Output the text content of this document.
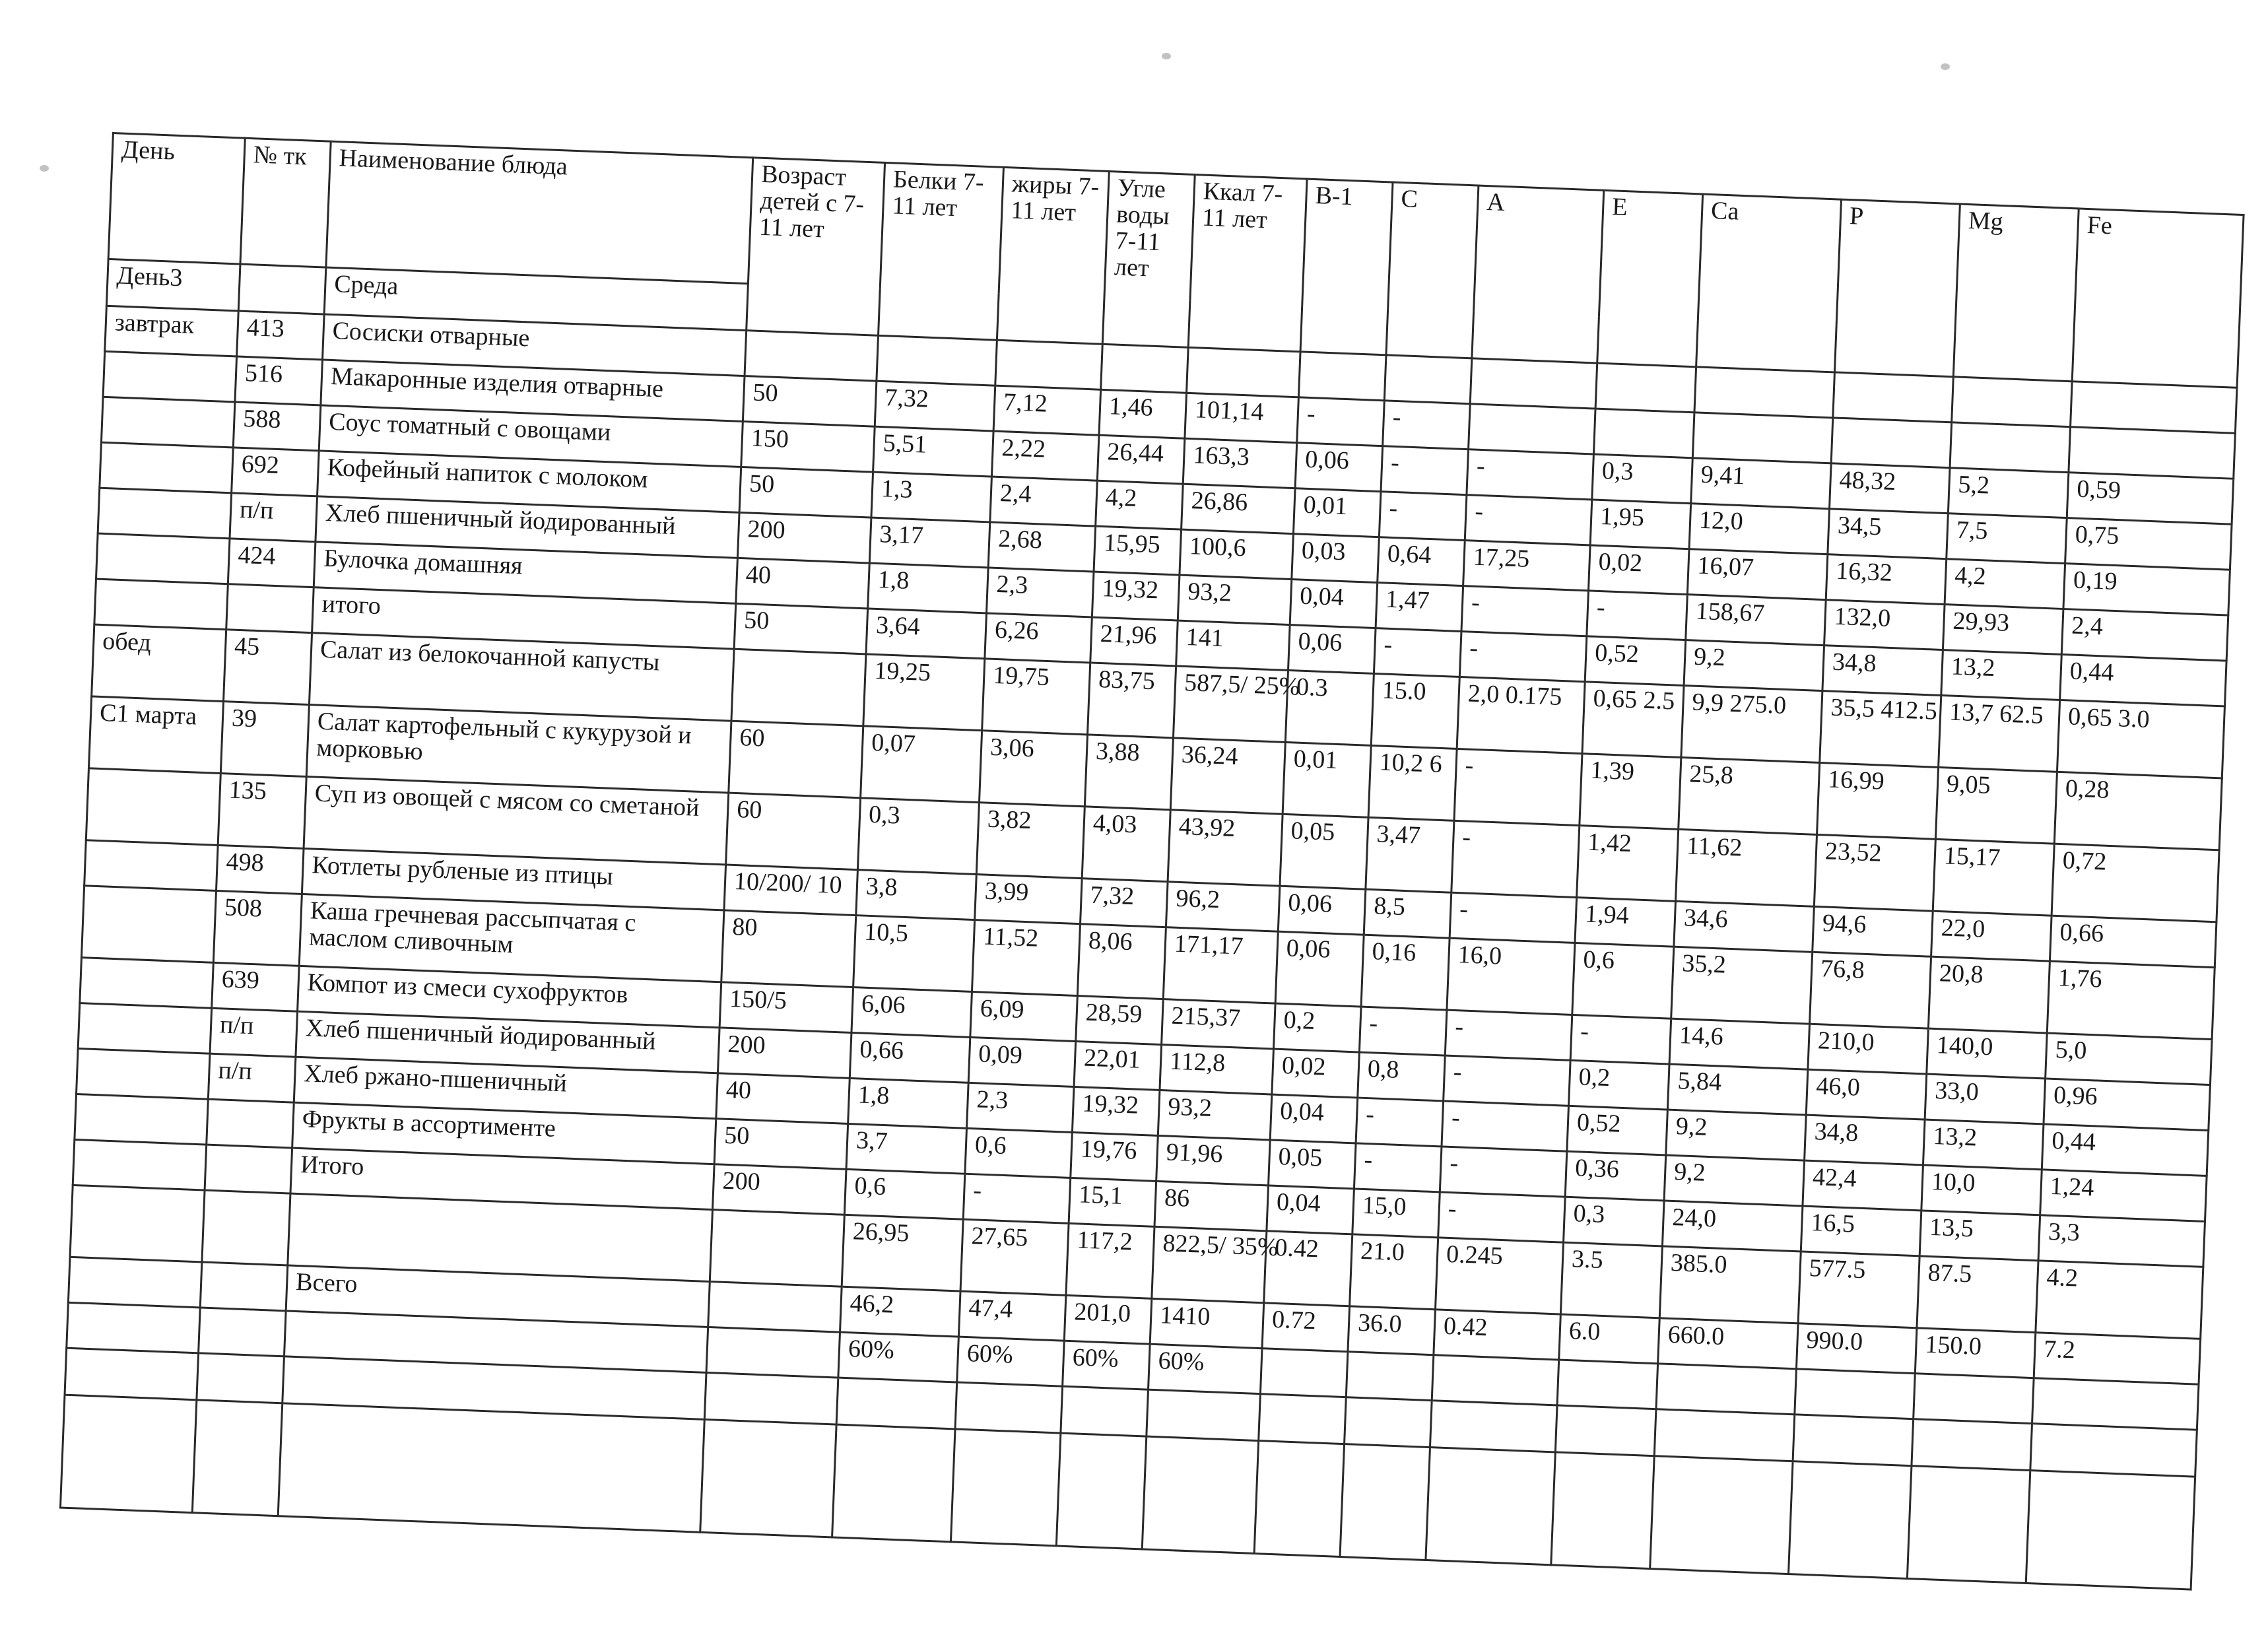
День	№ тк	Наименование блюда	Возраст детей с 7-11 лет	Белки 7-11 лет	жиры 7-11 лет	Угле воды 7-11 лет	Ккал 7-11 лет	В-1	С	А	Е	Са	Р	Mg	Fe
День3		Среда													
завтрак	413	Сосиски отварные													
	516	Макаронные изделия отварные	50	7,32	7,12	1,46	101,14	-	-						
	588	Соус томатный с овощами	150	5,51	2,22	26,44	163,3	0,06	-	-	0,3	9,41	48,32	5,2	0,59
	692	Кофейный напиток с молоком	50	1,3	2,4	4,2	26,86	0,01	-	-	1,95	12,0	34,5	7,5	0,75
	п/п	Хлеб пшеничный йодированный	200	3,17	2,68	15,95	100,6	0,03	0,64	17,25	0,02	16,07	16,32	4,2	0,19
	424	Булочка домашняя	40	1,8	2,3	19,32	93,2	0,04	1,47	-	-	158,67	132,0	29,93	2,4
		итого	50	3,64	6,26	21,96	141	0,06	-	-	0,52	9,2	34,8	13,2	0,44
обед	45	Салат из белокочанной капусты		19,25	19,75	83,75	587,5/ 25%	0.3	15.0	2,0 0.175	0,65 2.5	9,9 275.0	35,5 412.5	13,7 62.5	0,65 3.0
С1 марта	39	Салат картофельный с кукурузой и морковью	60	0,07	3,06	3,88	36,24	0,01	10,2 6	-	1,39	25,8	16,99	9,05	0,28
	135	Суп из овощей с мясом со сметаной	60	0,3	3,82	4,03	43,92	0,05	3,47	-	1,42	11,62	23,52	15,17	0,72
	498	Котлеты рубленые из птицы	10/200/ 10	3,8	3,99	7,32	96,2	0,06	8,5	-	1,94	34,6	94,6	22,0	0,66
	508	Каша гречневая рассыпчатая с маслом сливочным	80	10,5	11,52	8,06	171,17	0,06	0,16	16,0	0,6	35,2	76,8	20,8	1,76
	639	Компот из смеси сухофруктов	150/5	6,06	6,09	28,59	215,37	0,2	-	-	-	14,6	210,0	140,0	5,0
	п/п	Хлеб пшеничный йодированный	200	0,66	0,09	22,01	112,8	0,02	0,8	-	0,2	5,84	46,0	33,0	0,96
	п/п	Хлеб ржано-пшеничный	40	1,8	2,3	19,32	93,2	0,04	-	-	0,52	9,2	34,8	13,2	0,44
		Фрукты в ассортименте	50	3,7	0,6	19,76	91,96	0,05	-	-	0,36	9,2	42,4	10,0	1,24
		Итого	200	0,6	-	15,1	86	0,04	15,0	-	0,3	24,0	16,5	13,5	3,3
				26,95	27,65	117,2	822,5/ 35%	0.42	21.0	0.245	3.5	385.0	577.5	87.5	4.2
		Всего		46,2	47,4	201,0	1410	0.72	36.0	0.42	6.0	660.0	990.0	150.0	7.2
				60%	60%	60%	60%								
